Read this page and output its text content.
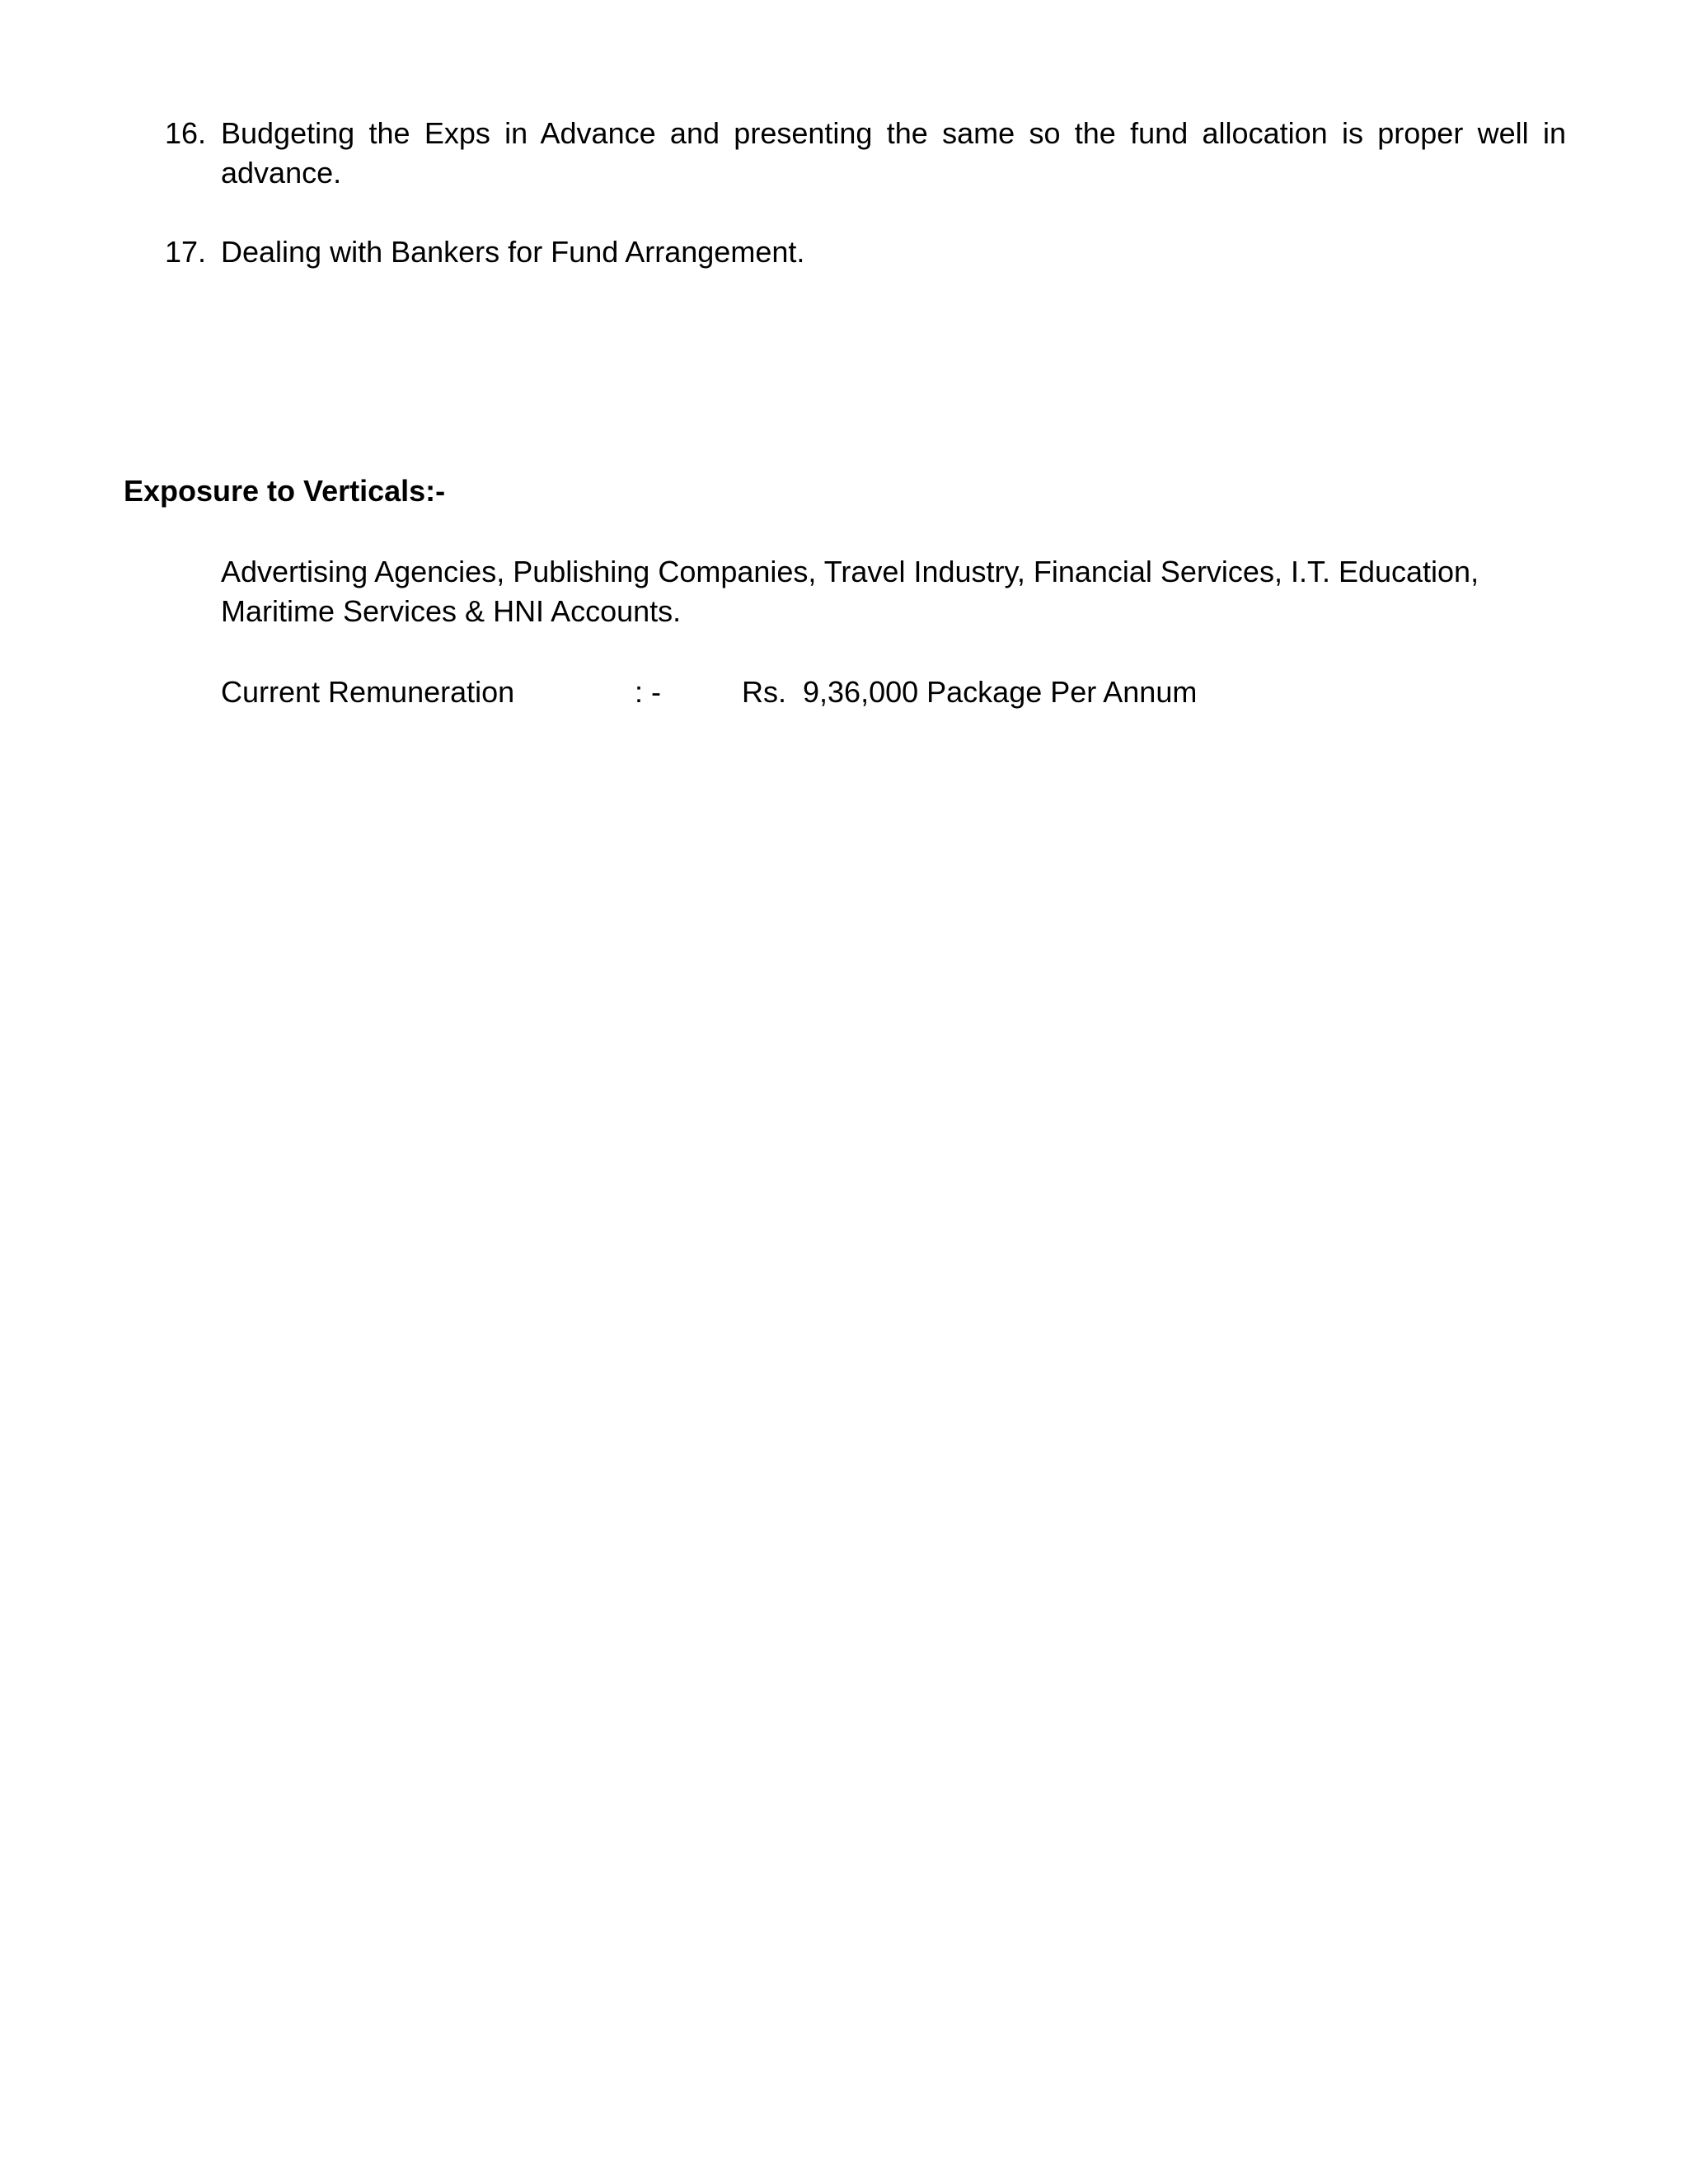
16. Budgeting the Exps in Advance and presenting the same so the fund allocation is proper well in advance.
17. Dealing with Bankers for Fund Arrangement.
Exposure to Verticals:-

Advertising Agencies, Publishing Companies, Travel Industry, Financial Services, I.T. Education, Maritime Services & HNI Accounts.

Current Remuneration	: -	Rs. 9,36,000 Package Per Annum
